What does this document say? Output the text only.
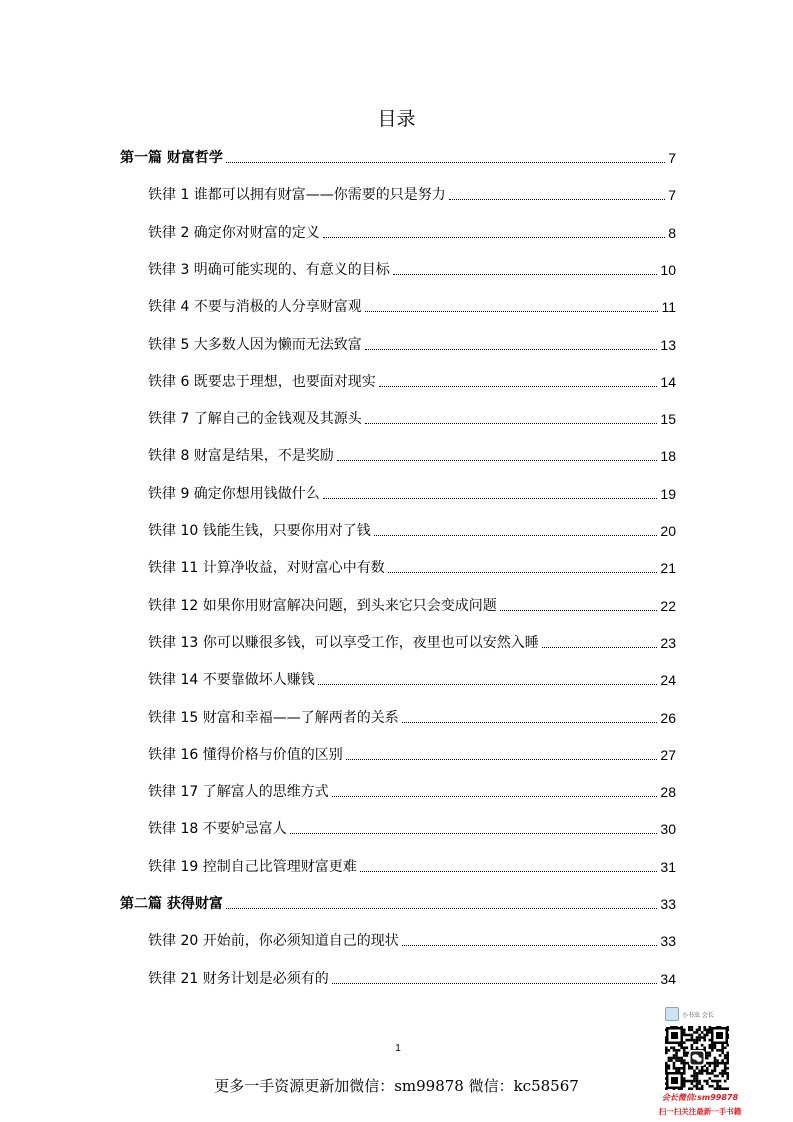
目录
第一篇 财富哲学	7
铁律 1 谁都可以拥有财富——你需要的只是努力	7
铁律 2 确定你对财富的定义	8
铁律 3 明确可能实现的、有意义的目标	10
铁律 4 不要与消极的人分享财富观	11
铁律 5 大多数人因为懒而无法致富	13
铁律 6 既要忠于理想，也要面对现实	14
铁律 7 了解自己的金钱观及其源头	15
铁律 8 财富是结果，不是奖励	18
铁律 9 确定你想用钱做什么	19
铁律 10 钱能生钱，只要你用对了钱	20
铁律 11 计算净收益，对财富心中有数	21
铁律 12 如果你用财富解决问题，到头来它只会变成问题	22
铁律 13 你可以赚很多钱，可以享受工作，夜里也可以安然入睡	23
铁律 14 不要靠做坏人赚钱	24
铁律 15 财富和幸福——了解两者的关系	26
铁律 16 懂得价格与价值的区别	27
铁律 17 了解富人的思维方式	28
铁律 18 不要妒忌富人	30
铁律 19 控制自己比管理财富更难	31
第二篇 获得财富	33
铁律 20 开始前，你必须知道自己的现状	33
铁律 21 财务计划是必须有的	34
1
更多一手资源更新加微信：sm99878 微信：kc58567
小书虫 会长
会长微信:sm99878
扫一扫关注最新一手书籍
